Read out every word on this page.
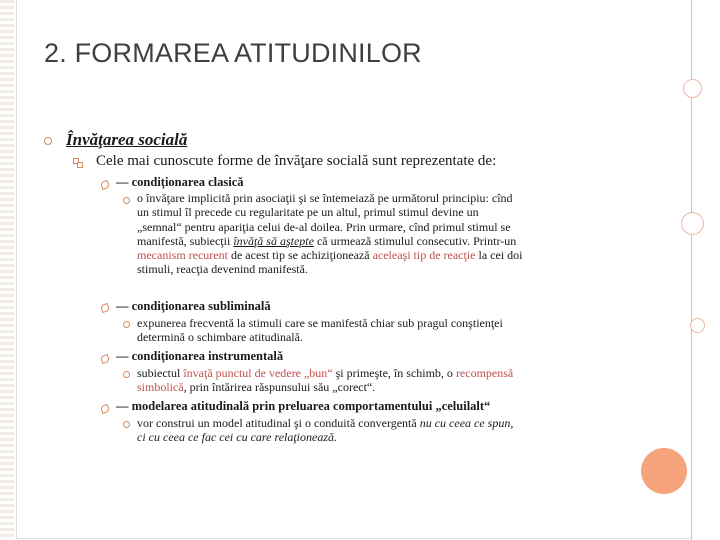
2. FORMAREA ATITUDINILOR
Învăţarea socială
Cele mai cunoscute forme de învăţare socială sunt reprezentate de:
— condiţionarea clasică
o învăţare implicită prin asociaţii şi se întemeiază pe următorul principiu: cînd
un stimul îl precede cu regularitate pe un altul, primul stimul devine un
„semnal“ pentru apariţia celui de-al doilea. Prin urmare, cînd primul stimul se
manifestă, subiecţii învăţă să aştepte că urmează stimulul consecutiv. Printr-un
mecanism recurent de acest tip se achiziţionează aceleaşi tip de reacţie la cei doi
stimuli, reacţia devenind manifestă.
— condiţionarea subliminală
expunerea frecventă la stimuli care se manifestă chiar sub pragul conştienţei
determină o schimbare atitudinală.
— condiţionarea instrumentală
subiectul învaţă punctul de vedere „bun“ şi primeşte, în schimb, o recompensă
simbolică, prin întărirea răspunsului său „corect“.
— modelarea atitudinală prin preluarea comportamentului „celuilalt“
vor construi un model atitudinal şi o conduită convergentă nu cu ceea ce spun,
ci cu ceea ce fac cei cu care relaţionează.
